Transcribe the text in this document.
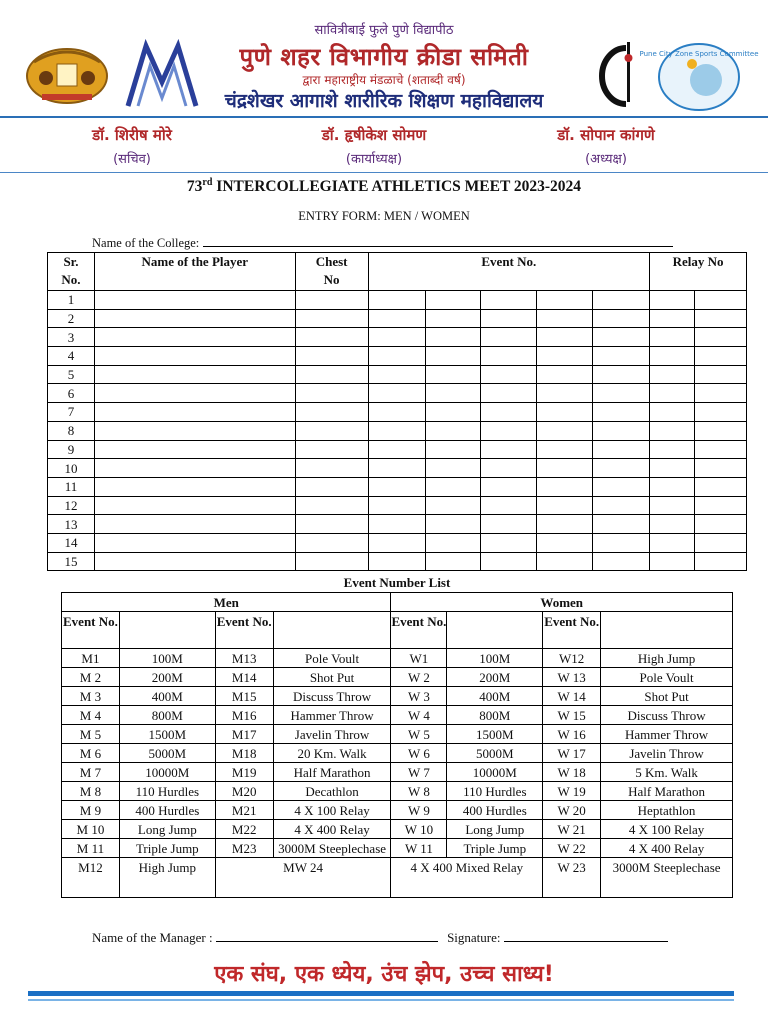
Pune City Zone Sports Committee
सावित्रीबाई फुले पुणे विद्यापीठ
पुणे शहर विभागीय क्रीडा समिती
द्वारा महाराष्ट्रीय मंडळाचे (शताब्दी वर्ष)
चंद्रशेखर आगाशे शारीरिक शिक्षण महाविद्यालय
डॉ. शिरीष मोरे
(सचिव)
डॉ. हृषीकेश सोमण
(कार्याध्यक्ष)
डॉ. सोपान कांगणे
(अध्यक्ष)
73rd INTERCOLLEGIATE ATHLETICS MEET 2023-2024
ENTRY FORM: MEN / WOMEN
Name of the College:
Sr. No.	Name of the Player	Chest No	Event No.					Relay No	
1									
2									
3									
4									
5									
6									
7									
8									
9									
10									
11									
12									
13									
14									
15									
Event Number List
Men				Women			
Event No.		Event No.		Event No.		Event No.	
M1	100M	M13	Pole Voult	W1	100M	W12	High Jump
M 2	200M	M14	Shot Put	W 2	200M	W 13	Pole Voult
M 3	400M	M15	Discuss Throw	W 3	400M	W 14	Shot Put
M 4	800M	M16	Hammer Throw	W 4	800M	W 15	Discuss Throw
M 5	1500M	M17	Javelin Throw	W 5	1500M	W 16	Hammer Throw
M 6	5000M	M18	20 Km. Walk	W 6	5000M	W 17	Javelin Throw
M 7	10000M	M19	Half Marathon	W 7	10000M	W 18	5 Km. Walk
M 8	110 Hurdles	M20	Decathlon	W 8	110 Hurdles	W 19	Half Marathon
M 9	400 Hurdles	M21	4 X 100 Relay	W 9	400 Hurdles	W 20	Heptathlon
M 10	Long Jump	M22	4 X 400 Relay	W 10	Long Jump	W 21	4 X 100 Relay
M 11	Triple Jump	M23	3000M Steeplechase	W 11	Triple Jump	W 22	4 X 400 Relay
M12	High Jump	MW 24		4 X 400 Mixed Relay		W 23	3000M Steeplechase
Name of the Manager :	Signature:
एक संघ, एक ध्येय, उंच झेप, उच्च साध्य!
